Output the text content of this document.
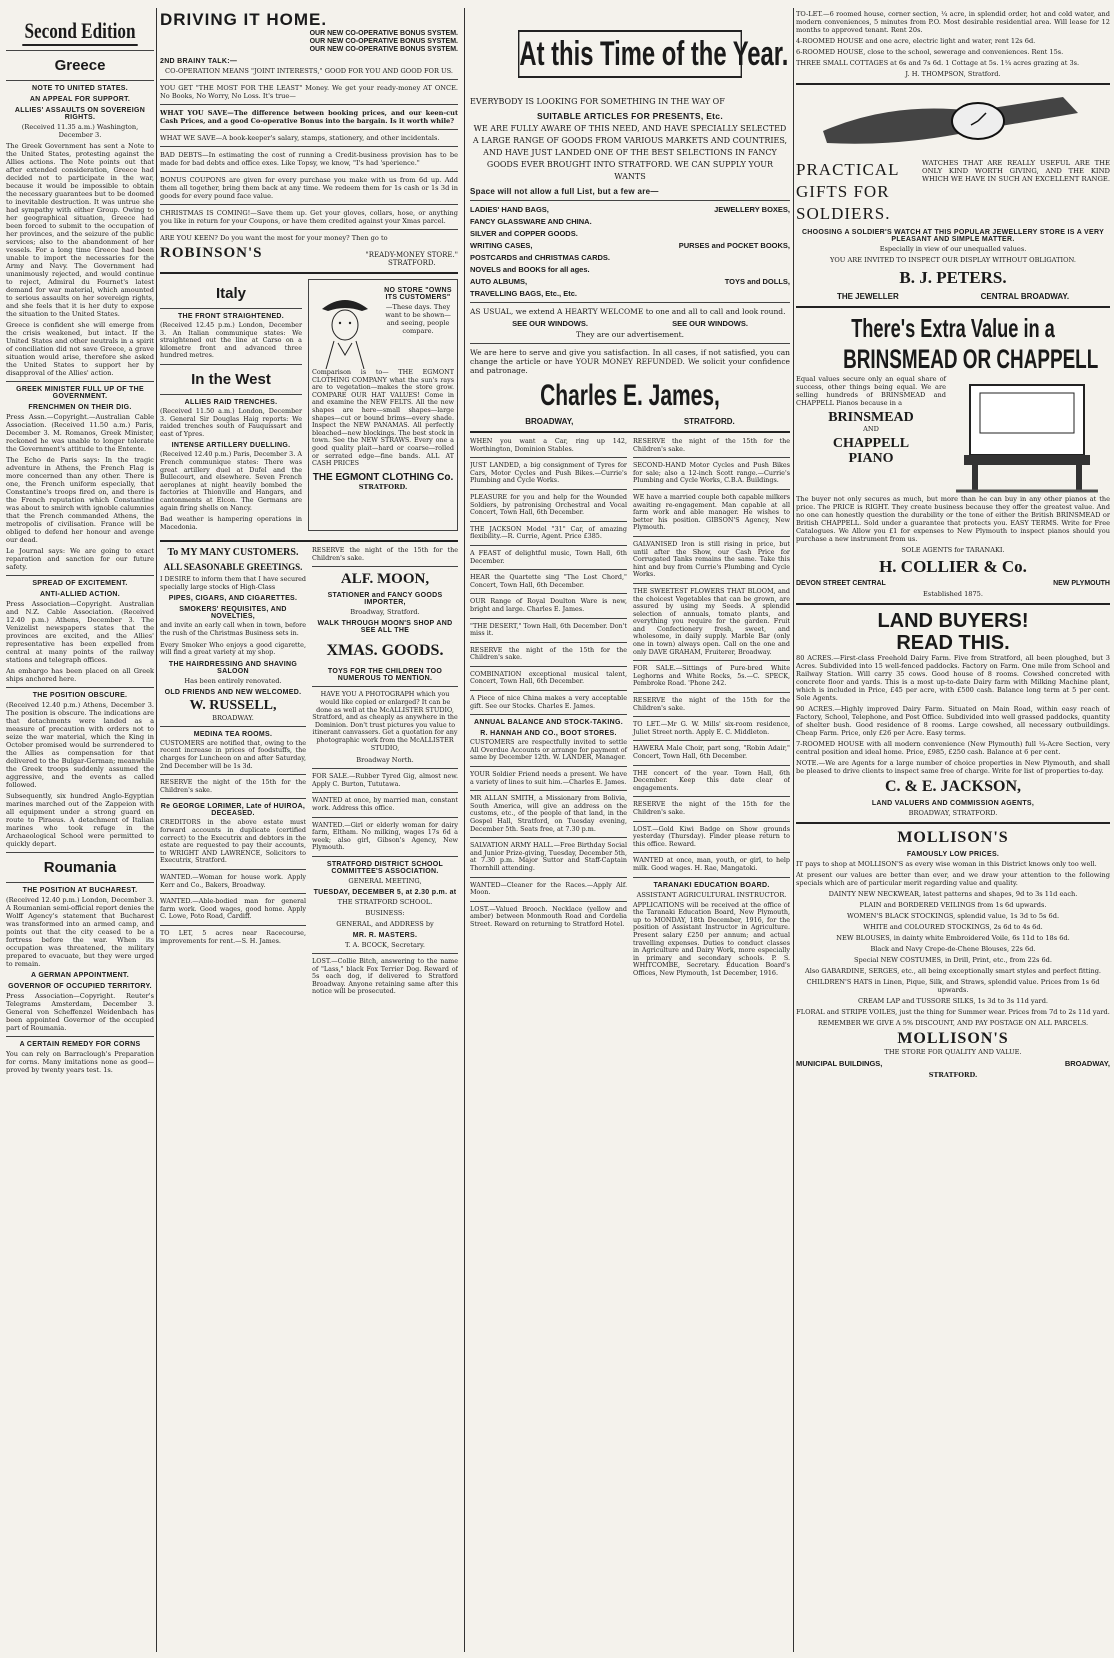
Second Edition
Greece
NOTE TO UNITED STATES.
AN APPEAL FOR SUPPORT.
ALLIES' ASSAULTS ON SOVEREIGN RIGHTS.

(Received 11.35 a.m.) Washington, December 3.

The Greek Government has sent a Note to the United States, protesting against the Allies actions. The Note points out that after extended consideration, Greece had decided not to participate in the war, because it would be impossible to obtain the necessary guarantees but to be doomed to inevitable destruction. It was untrue she had sympathy with either Group. Owing to her geographical situation, Greece had been forced to submit to the occupation of her provinces, and the seizure of the public services; also to the abandonment of her vessels. For a long time Greece had been unable to import the necessaries for the Army and Navy. The Government had unanimously rejected, and would continue to reject, Admiral du Fournet's latest demand for war material, which amounted to serious assaults on her sovereign rights, and she feels that it is her duty to expose the situation to the United States.

Greece is confident she will emerge from the crisis weakened, but intact. If the United States and other neutrals in a spirit of conciliation did not save Greece, a grave situation would arise, therefore she asked the United States to support her by disapproval of the Allies' action.

GREEK MINISTER FULL UP OF THE GOVERNMENT.
FRENCHMEN ON THEIR DIG.

Press Assn.—Copyright.—Australian Cable Association. (Received 11.50 a.m.) Paris, December 3. M. Romanos, Greek Minister, reckoned he was unable to longer tolerate the Government's attitude to the Entente.

The Echo de Paris says: In the tragic adventure in Athens, the French Flag is more concerned than any other. There is one, the French uniform especially, that Constantine's troops fired on, and there is the French reputation which Constantine was about to smirch with ignoble calumnies that the French commanded Athens, the metropolis of civilisation. France will be obliged to defend her honour and avenge our dead.

Le Journal says: We are going to exact reparation and sanction for our future safety.

SPREAD OF EXCITEMENT.
ANTI-ALLIED ACTION.

Press Association—Copyright. Australian and N.Z. Cable Association. (Received 12.40 p.m.) Athens, December 3. The Venizelist newspapers states that the provinces are excited, and the Allies' representative has been expelled from central at many points of the railway stations and telegraph offices.

An embargo has been placed on all Greek ships anchored here.

THE POSITION OBSCURE.

(Received 12.40 p.m.) Athens, December 3. The position is obscure. The indications are that detachments were landed as a measure of precaution with orders not to seize the war material, which the King in October promised would be surrendered to the Allies as compensation for that delivered to the Bulgar-German; meanwhile the Greek troops suddenly assumed the aggressive, and the events as called followed.

Subsequently, six hundred Anglo-Egyptian marines marched out of the Zappeion with all equipment under a strong guard en route to Piraeus. A detachment of Italian marines who took refuge in the Archaeological School were permitted to quickly depart.

Roumania
THE POSITION AT BUCHAREST.

(Received 12.40 p.m.) London, December 3. A Roumanian semi-official report denies the Wolff Agency's statement that Bucharest was transformed into an armed camp, and points out that the city ceased to be a fortress before the war. When its occupation was threatened, the military prepared to evacuate, but they were urged to remain.

A GERMAN APPOINTMENT.
GOVERNOR OF OCCUPIED TERRITORY.

Press Association—Copyright. Reuter's Telegrams Amsterdam, December 3. General von Scheffenzel Weidenbach has been appointed Governor of the occupied part of Roumania.

A CERTAIN REMEDY FOR CORNS

You can rely on Barraclough's Preparation for corns. Many imitations none as good—proved by twenty years test. 1s.

DRIVING IT HOME.
OUR NEW CO-OPERATIVE BONUS SYSTEM.
OUR NEW CO-OPERATIVE BONUS SYSTEM.
OUR NEW CO-OPERATIVE BONUS SYSTEM.
2ND BRAINY TALK:—

CO-OPERATION MEANS "JOINT INTERESTS," GOOD FOR YOU AND GOOD FOR US.

YOU GET "THE MOST FOR THE LEAST" Money. We get your ready-money AT ONCE. No Books, No Worry, No Loss. It's true—

WHAT YOU SAVE—The difference between booking prices, and our keen-cut Cash Prices, and a good Co-operative Bonus into the bargain. Is it worth while?

WHAT WE SAVE—A book-keeper's salary, stamps, stationery, and other incidentals.

BAD DEBTS—In estimating the cost of running a Credit-business provision has to be made for bad debts and office exes. Like Topsy, we know, "I's had 'sperience."

BONUS COUPONS are given for every purchase you make with us from 6d up. Add them all together, bring them back at any time. We redeem them for 1s cash or 1s 3d in goods for every pound face value.

CHRISTMAS IS COMING!—Save them up. Get your gloves, collars, hose, or anything you like in return for your Coupons, or have them credited against your Xmas parcel.

ARE YOU KEEN? Do you want the most for your money? Then go to

ROBINSON'S	"READY-MONEY STORE."
STRATFORD.
Italy
THE FRONT STRAIGHTENED.

(Received 12.45 p.m.) London, December 3. An Italian communique states: We straightened out the line at Carso on a kilometre front and advanced three hundred metres.

In the West
ALLIES RAID TRENCHES.

(Received 11.50 a.m.) London, December 3. General Sir Douglas Haig reports: We raided trenches south of Fauquissart and east of Ypres.

INTENSE ARTILLERY DUELLING.

(Received 12.40 p.m.) Paris, December 3. A French communique states: There was great artillery duel at Dufel and the Bullecourt, and elsewhere. Seven French aeroplanes at night heavily bombed the factories at Thionville and Hangars, and cantonments at Elcon. The Germans are again firing shells on Nancy.

Bad weather is hampering operations in Macedonia.

NO STORE "OWNS ITS CUSTOMERS"

—These days. They want to be shown—and seeing, people compare.

Comparison is to— THE EGMONT CLOTHING COMPANY what the sun's rays are to vegetation—makes the store grow. COMPARE OUR HAT VALUES! Come in and examine the NEW FELTS. All the new shapes are here—small shapes—large shapes—cut or bound brims—every shade. Inspect the NEW PANAMAS. All perfectly bleached—new blockings. The best stock in town. See the NEW STRAWS. Every one a good quality plait—hard or coarse—rolled or serrated edge—fine bands. ALL AT CASH PRICES

THE EGMONT CLOTHING Co.
STRATFORD.
To MY MANY CUSTOMERS.
ALL SEASONABLE GREETINGS.

I DESIRE to inform them that I have secured specially large stocks of High-Class

PIPES, CIGARS, AND CIGARETTES.
SMOKERS' REQUISITES, AND NOVELTIES,

and invite an early call when in town, before the rush of the Christmas Business sets in.

Every Smoker Who enjoys a good cigarette, will find a great variety at my shop.

THE HAIRDRESSING AND SHAVING SALOON

Has been entirely renovated.

OLD FRIENDS AND NEW WELCOMED.
W. RUSSELL,
BROADWAY.
MEDINA TEA ROOMS.

CUSTOMERS are notified that, owing to the recent increase in prices of foodstuffs, the charges for Luncheon on and after Saturday, 2nd December will be 1s 3d.

RESERVE the night of the 15th for the Children's sake.

Re GEORGE LORIMER, Late of HUIROA, DECEASED.

CREDITORS in the above estate must forward accounts in duplicate (certified correct) to the Executrix and debtors in the estate are requested to pay their accounts, to WRIGHT AND LAWRENCE, Solicitors to Executrix, Stratford.

WANTED.—Woman for house work. Apply Kerr and Co., Bakers, Broadway.

WANTED.—Able-bodied man for general farm work. Good wages, good home. Apply C. Lowe, Poto Road, Cardiff.

TO LET, 5 acres near Racecourse, improvements for rent.—S. H. James.

RESERVE the night of the 15th for the Children's sake.

ALF. MOON,
STATIONER and FANCY GOODS IMPORTER,
Broadway, Stratford.
WALK THROUGH MOON'S SHOP AND SEE ALL THE
XMAS. GOODS.
TOYS FOR THE CHILDREN TOO NUMEROUS TO MENTION.

HAVE YOU A PHOTOGRAPH which you would like copied or enlarged? It can be done as well at the McALLISTER STUDIO, Stratford, and as cheaply as anywhere in the Dominion. Don't trust pictures you value to itinerant canvassers. Get a quotation for any photographic work from the McALLISTER STUDIO,

Broadway North.

FOR SALE.—Rubber Tyred Gig, almost new. Apply C. Burton, Tututawa.

WANTED at once, by married man, constant work. Address this office.

WANTED.—Girl or elderly woman for dairy farm, Eltham. No milking, wages 17s 6d a week; also girl, Gibson's Agency, New Plymouth.

STRATFORD DISTRICT SCHOOL COMMITTEE'S ASSOCIATION.
GENERAL MEETING,
TUESDAY, DECEMBER 5, at 2.30 p.m. at
THE STRATFORD SCHOOL.
BUSINESS:
GENERAL, and ADDRESS by
MR. R. MASTERS.
T. A. BCOCK, Secretary.

LOST.—Collie Bitch, answering to the name of "Lass," black Fox Terrier Dog. Reward of 5s each dog, if delivered to Stratford Broadway. Anyone retaining same after this notice will be prosecuted.

At this Time of the Year.

EVERYBODY IS LOOKING FOR SOMETHING IN THE WAY OF

SUITABLE ARTICLES FOR PRESENTS, Etc.

WE ARE FULLY AWARE OF THIS NEED, AND HAVE SPECIALLY SELECTED A LARGE RANGE OF GOODS FROM VARIOUS MARKETS AND COUNTRIES, AND HAVE JUST LANDED ONE OF THE BEST SELECTIONS IN FANCY GOODS EVER BROUGHT INTO STRATFORD. WE CAN SUPPLY YOUR WANTS

Space will not allow a full List, but a few are—
LADIES' HAND BAGS,	JEWELLERY BOXES,
FANCY GLASSWARE AND CHINA.
SILVER and COPPER GOODS.
WRITING CASES,	PURSES and POCKET BOOKS,
POSTCARDS and CHRISTMAS CARDS.
NOVELS and BOOKS for all ages.
AUTO ALBUMS,	TOYS and DOLLS,
TRAVELLING BAGS, Etc., Etc.

AS USUAL, we extend A HEARTY WELCOME to one and all to call and look round.

SEE OUR WINDOWS.	SEE OUR WINDOWS.
They are our advertisement.

We are here to serve and give you satisfaction. In all cases, if not satisfied, you can change the article or have YOUR MONEY REFUNDED. We solicit your confidence and patronage.

Charles E. James,
BROADWAY,	STRATFORD.

WHEN you want a Car, ring up 142, Worthington, Dominion Stables.

JUST LANDED, a big consignment of Tyres for Cars, Motor Cycles and Push Bikes.—Currie's Plumbing and Cycle Works.

PLEASURE for you and help for the Wounded Soldiers, by patronising Orchestral and Vocal Concert, Town Hall, 6th December.

THE JACKSON Model "31" Car, of amazing flexibility.—R. Currie, Agent. Price £385.

A FEAST of delightful music, Town Hall, 6th December.

HEAR the Quartette sing "The Lost Chord," Concert, Town Hall, 6th December.

OUR Range of Royal Doulton Ware is new, bright and large. Charles E. James.

"THE DESERT," Town Hall, 6th December. Don't miss it.

RESERVE the night of the 15th for the Children's sake.

COMBINATION exceptional musical talent, Concert, Town Hall, 6th December.

A Piece of nice China makes a very acceptable gift. See our Stocks. Charles E. James.

ANNUAL BALANCE AND STOCK-TAKING.
R. HANNAH AND CO., BOOT STORES.

CUSTOMERS are respectfully invited to settle All Overdue Accounts or arrange for payment of same by December 12th. W. LANDER, Manager.

YOUR Soldier Friend needs a present. We have a variety of lines to suit him.—Charles E. James.

MR ALLAN SMITH, a Missionary from Bolivia, South America, will give an address on the customs, etc., of the people of that land, in the Gospel Hall, Stratford, on Tuesday evening, December 5th. Seats free, at 7.30 p.m.

SALVATION ARMY HALL.—Free Birthday Social and Junior Prize-giving, Tuesday, December 5th, at 7.30 p.m. Major Suttor and Staff-Captain Thornhill attending.

WANTED—Cleaner for the Races.—Apply Alf. Moon.

LOST.—Valued Brooch. Necklace (yellow and amber) between Monmouth Road and Cordelia Street. Reward on returning to Stratford Hotel.

RESERVE the night of the 15th for the Children's sake.

SECOND-HAND Motor Cycles and Push Bikes for sale; also a 12-inch Scott range.—Currie's Plumbing and Cycle Works, C.B.A. Buildings.

WE have a married couple both capable milkers awaiting re-engagement. Man capable at all farm work and able manager. He wishes to better his position. GIBSON'S Agency, New Plymouth.

GALVANISED Iron is still rising in price, but until after the Show, our Cash Price for Corrugated Tanks remains the same. Take this hint and buy from Currie's Plumbing and Cycle Works.

THE SWEETEST FLOWERS THAT BLOOM, and the choicest Vegetables that can be grown, are assured by using my Seeds. A splendid selection of annuals, tomato plants, and everything you require for the garden. Fruit and Confectionery fresh, sweet, and wholesome, in daily supply. Marble Bar (only one in town) always open. Call on the one and only DAVE GRAHAM, Fruiterer, Broadway.

FOR SALE.—Sittings of Pure-bred White Leghorns and White Rocks, 5s.—C. SPECK, Pembroke Road. 'Phone 242.

RESERVE the night of the 15th for the Children's sake.

TO LET.—Mr G. W. Mills' six-room residence, Juliet Street north. Apply E. C. Middleton.

HAWERA Male Choir, part song, "Robin Adair," Concert, Town Hall, 6th December.

THE concert of the year. Town Hall, 6th December. Keep this date clear of engagements.

RESERVE the night of the 15th for the Children's sake.

LOST.—Gold Kiwi Badge on Show grounds yesterday (Thursday). Finder please return to this office. Reward.

WANTED at once, man, youth, or girl, to help milk. Good wages. H. Rae, Mangatoki.

TARANAKI EDUCATION BOARD.
ASSISTANT AGRICULTURAL INSTRUCTOR.

APPLICATIONS will be received at the office of the Taranaki Education Board, New Plymouth, up to MONDAY, 18th December, 1916, for the position of Assistant Instructor in Agriculture. Present salary £250 per annum; and actual travelling expenses. Duties to conduct classes in Agriculture and Dairy Work, more especially in primary and secondary schools. P. S. WHITCOMBE, Secretary. Education Board's Offices, New Plymouth, 1st December, 1916.

TO-LET.—6 roomed house, corner section, ¼ acre, in splendid order, hot and cold water, and modern conveniences, 5 minutes from P.O. Most desirable residential area. Will lease for 12 months to approved tenant. Rent 20s.

4-ROOMED HOUSE and one acre, electric light and water, rent 12s 6d.

6-ROOMED HOUSE, close to the school, sewerage and conveniences. Rent 15s.

THREE SMALL COTTAGES at 6s and 7s 6d. 1 Cottage at 5s. 1¼ acres grazing at 3s.

J. H. THOMPSON, Stratford.
PRACTICAL GIFTS FOR SOLDIERS.

WATCHES THAT ARE REALLY USEFUL ARE THE ONLY KIND WORTH GIVING, AND THE KIND WHICH WE HAVE IN SUCH AN EXCELLENT RANGE.

CHOOSING A SOLDIER'S WATCH AT THIS POPULAR JEWELLERY STORE IS A VERY PLEASANT AND SIMPLE MATTER.
Especially in view of our unequalled values.
YOU ARE INVITED TO INSPECT OUR DISPLAY WITHOUT OBLIGATION.
B. J. PETERS.
THE JEWELLER	CENTRAL BROADWAY.
There's Extra Value in a
BRINSMEAD OR CHAPPELL

Equal values secure only an equal share of success, other things being equal. We are selling hundreds of BRINSMEAD and CHAPPELL Pianos because in a

BRINSMEAD
AND
CHAPPELL
PIANO

The buyer not only secures as much, but more than he can buy in any other pianos at the price. The PRICE is RIGHT. They create business because they offer the greatest value. And no one can honestly question the durability or the tone of either the British BRINSMEAD or British CHAPPELL. Sold under a guarantee that protects you. EASY TERMS. Write for Free Catalogues. We Allow you £1 for expenses to New Plymouth to inspect pianos should you purchase a new instrument from us.

SOLE AGENTS for TARANAKI.
H. COLLIER & Co.
DEVON STREET CENTRAL	NEW PLYMOUTH
Established 1875.
LAND BUYERS!
READ THIS.

80 ACRES.—First-class Freehold Dairy Farm. Five from Stratford, all been ploughed, but 3 Acres. Subdivided into 15 well-fenced paddocks. Factory on Farm. One mile from School and Railway Station. Will carry 35 cows. Good house of 8 rooms. Cowshed concreted with concrete floor and yards. This is a most up-to-date Dairy farm with Milking Machine plant, which is included in Price, £45 per acre, with £500 cash. Balance long term at 5 per cent. Sole Agents.

90 ACRES.—Highly improved Dairy Farm. Situated on Main Road, within easy reach of Factory, School, Telephone, and Post Office. Subdivided into well grassed paddocks, quantity of shelter bush. Good residence of 8 rooms. Large cowshed, all necessary outbuildings. Cheap Farm. Price, only £26 per Acre. Easy terms.

7-ROOMED HOUSE with all modern convenience (New Plymouth) full ¼-Acre Section, very central position and ideal home. Price, £985, £250 cash. Balance at 6 per cent.

NOTE.—We are Agents for a large number of choice properties in New Plymouth, and shall be pleased to drive clients to inspect same free of charge. Write for list of properties to-day.

C. & E. JACKSON,
LAND VALUERS AND COMMISSION AGENTS,
BROADWAY, STRATFORD.
MOLLISON'S
FAMOUSLY LOW PRICES.

IT pays to shop at MOLLISON'S as every wise woman in this District knows only too well.

At present our values are better than ever, and we draw your attention to the following specials which are of particular merit regarding value and quality.

DAINTY NEW NECKWEAR, latest patterns and shapes, 9d to 3s 11d each.
PLAIN and BORDERED VEILINGS from 1s 6d upwards.
WOMEN'S BLACK STOCKINGS, splendid value, 1s 3d to 5s 6d.
WHITE and COLOURED STOCKINGS, 2s 6d to 4s 6d.
NEW BLOUSES, in dainty white Embroidered Voile, 6s 11d to 18s 6d.
Black and Navy Crepe-de-Chene Blouses, 22s 6d.
Special NEW COSTUMES, in Drill, Print, etc., from 22s 6d.
Also GABARDINE, SERGES, etc., all being exceptionally smart styles and perfect fitting.
CHILDREN'S HATS in Linen, Pique, Silk, and Straws, splendid value. Prices from 1s 6d upwards.
CREAM LAP and TUSSORE SILKS, 1s 3d to 3s 11d yard.
FLORAL and STRIPE VOILES, just the thing for Summer wear. Prices from 7d to 2s 11d yard.
REMEMBER WE GIVE A 5% DISCOUNT, AND PAY POSTAGE ON ALL PARCELS.
MOLLISON'S
THE STORE FOR QUALITY AND VALUE.
MUNICIPAL BUILDINGS,	BROADWAY,
STRATFORD.
